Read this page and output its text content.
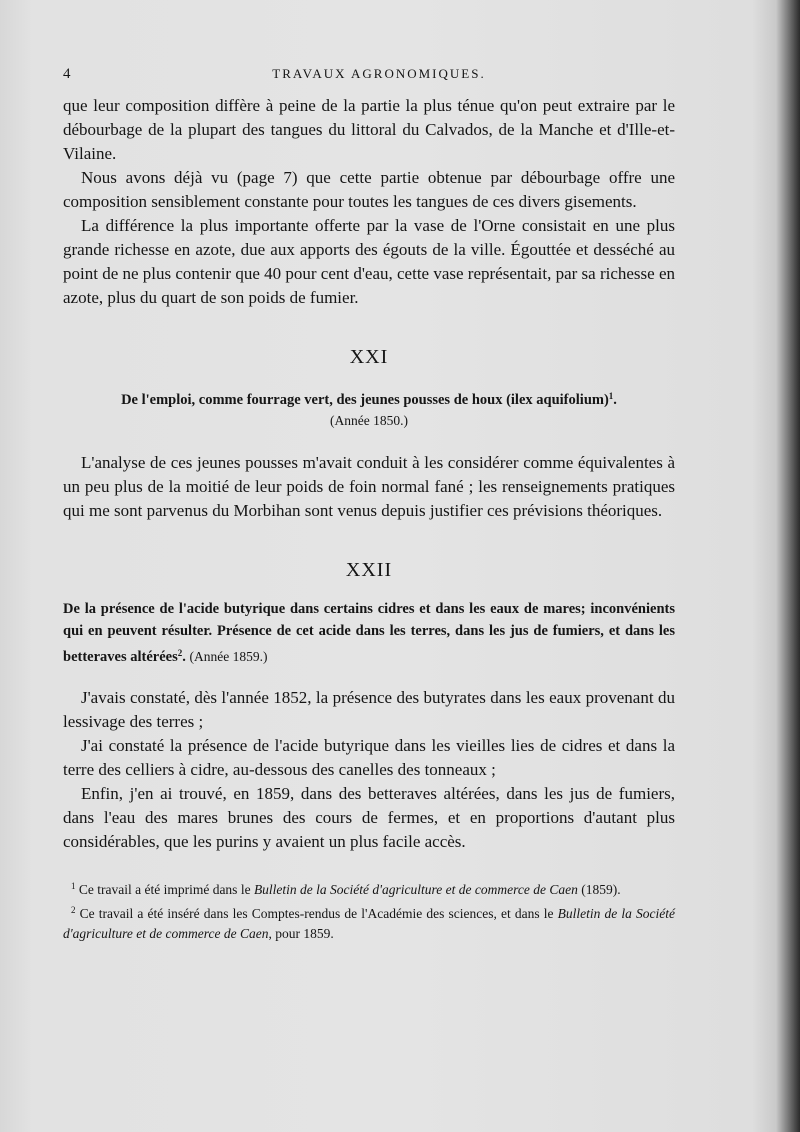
4	TRAVAUX AGRONOMIQUES.

que leur composition diffère à peine de la partie la plus ténue qu'on peut extraire par le débourbage de la plupart des tangues du littoral du Calvados, de la Manche et d'Ille-et-Vilaine.

Nous avons déjà vu (page 7) que cette partie obtenue par débourbage offre une composition sensiblement constante pour toutes les tangues de ces divers gisements.

La différence la plus importante offerte par la vase de l'Orne consistait en une plus grande richesse en azote, due aux apports des égouts de la ville. Égouttée et desséché au point de ne plus contenir que 40 pour cent d'eau, cette vase représentait, par sa richesse en azote, plus du quart de son poids de fumier.

XXI
De l'emploi, comme fourrage vert, des jeunes pousses de houx (ilex aquifolium)$^1$.
(Année 1850.)

L'analyse de ces jeunes pousses m'avait conduit à les considérer comme équivalentes à un peu plus de la moitié de leur poids de foin normal fané ; les renseignements pratiques qui me sont parvenus du Morbihan sont venus depuis justifier ces prévisions théoriques.

XXII
De la présence de l'acide butyrique dans certains cidres et dans les eaux de mares; inconvénients qui en peuvent résulter. Présence de cet acide dans les terres, dans les jus de fumiers, et dans les betteraves altérées$^2$. (Année 1859.)

J'avais constaté, dès l'année 1852, la présence des butyrates dans les eaux provenant du lessivage des terres ;

J'ai constaté la présence de l'acide butyrique dans les vieilles lies de cidres et dans la terre des celliers à cidre, au-dessous des canelles des tonneaux ;

Enfin, j'en ai trouvé, en 1859, dans des betteraves altérées, dans les jus de fumiers, dans l'eau des mares brunes des cours de fermes, et en proportions d'autant plus considérables, que les purins y avaient un plus facile accès.

$^1$ Ce travail a été imprimé dans le Bulletin de la Société d'agriculture et de commerce de Caen (1859).

$^2$ Ce travail a été inséré dans les Comptes-rendus de l'Académie des sciences, et dans le Bulletin de la Société d'agriculture et de commerce de Caen, pour 1859.
